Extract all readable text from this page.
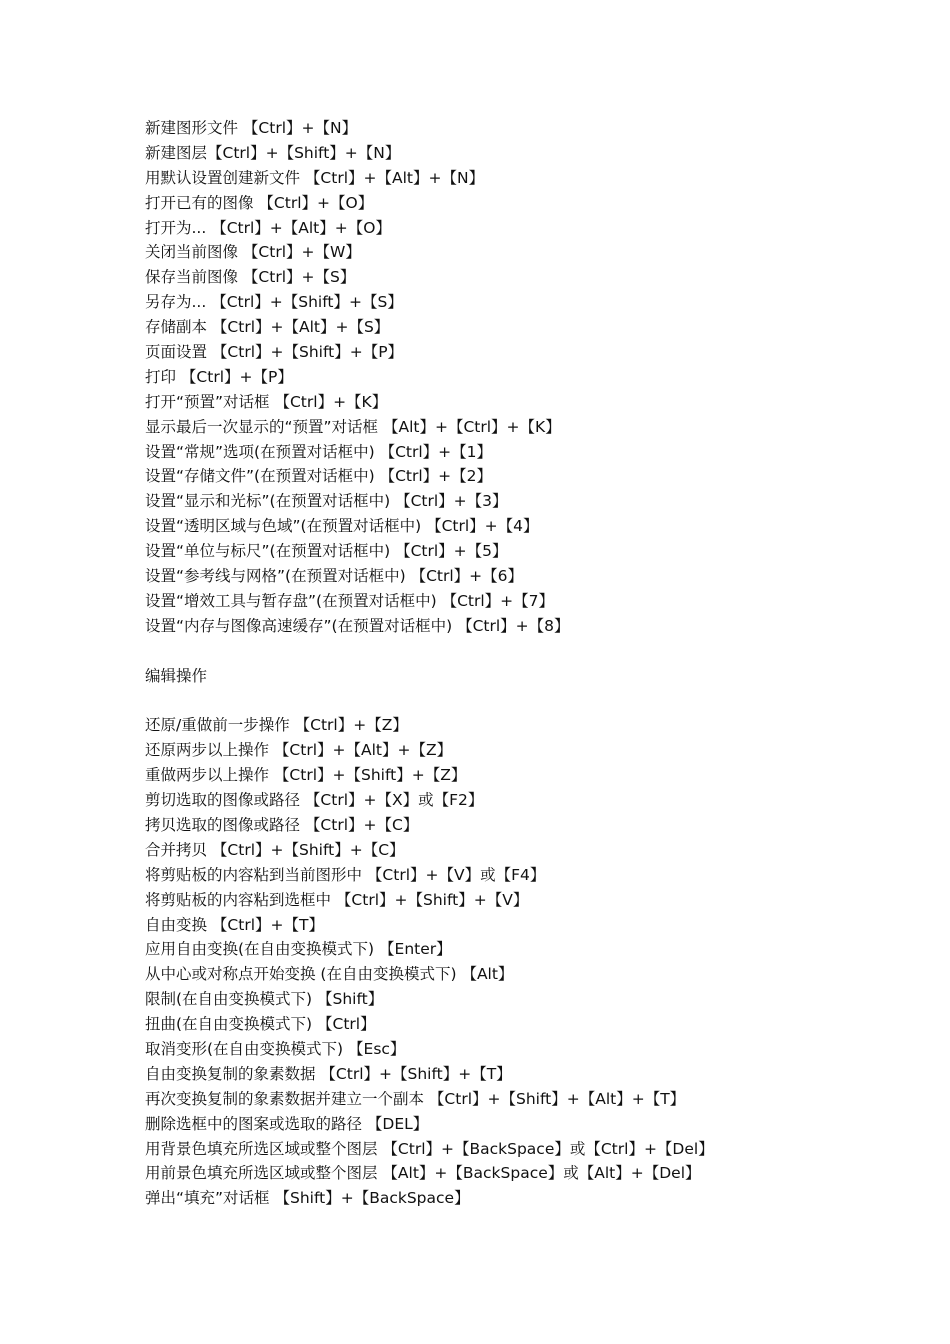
新建图形文件 【Ctrl】+【N】
新建图层【Ctrl】+【Shift】+【N】
用默认设置创建新文件 【Ctrl】+【Alt】+【N】
打开已有的图像 【Ctrl】+【O】
打开为... 【Ctrl】+【Alt】+【O】
关闭当前图像 【Ctrl】+【W】
保存当前图像 【Ctrl】+【S】
另存为... 【Ctrl】+【Shift】+【S】
存储副本 【Ctrl】+【Alt】+【S】
页面设置 【Ctrl】+【Shift】+【P】
打印 【Ctrl】+【P】
打开“预置”对话框 【Ctrl】+【K】
显示最后一次显示的“预置”对话框 【Alt】+【Ctrl】+【K】
设置“常规”选项(在预置对话框中) 【Ctrl】+【1】
设置“存储文件”(在预置对话框中) 【Ctrl】+【2】
设置“显示和光标”(在预置对话框中) 【Ctrl】+【3】
设置“透明区域与色域”(在预置对话框中) 【Ctrl】+【4】
设置“单位与标尺”(在预置对话框中) 【Ctrl】+【5】
设置“参考线与网格”(在预置对话框中) 【Ctrl】+【6】
设置“增效工具与暂存盘”(在预置对话框中) 【Ctrl】+【7】
设置“内存与图像高速缓存”(在预置对话框中) 【Ctrl】+【8】
编辑操作
还原/重做前一步操作 【Ctrl】+【Z】
还原两步以上操作 【Ctrl】+【Alt】+【Z】
重做两步以上操作 【Ctrl】+【Shift】+【Z】
剪切选取的图像或路径 【Ctrl】+【X】或【F2】
拷贝选取的图像或路径 【Ctrl】+【C】
合并拷贝 【Ctrl】+【Shift】+【C】
将剪贴板的内容粘到当前图形中 【Ctrl】+【V】或【F4】
将剪贴板的内容粘到选框中 【Ctrl】+【Shift】+【V】
自由变换 【Ctrl】+【T】
应用自由变换(在自由变换模式下) 【Enter】
从中心或对称点开始变换 (在自由变换模式下) 【Alt】
限制(在自由变换模式下) 【Shift】
扭曲(在自由变换模式下) 【Ctrl】
取消变形(在自由变换模式下) 【Esc】
自由变换复制的象素数据 【Ctrl】+【Shift】+【T】
再次变换复制的象素数据并建立一个副本 【Ctrl】+【Shift】+【Alt】+【T】
删除选框中的图案或选取的路径 【DEL】
用背景色填充所选区域或整个图层 【Ctrl】+【BackSpace】或【Ctrl】+【Del】
用前景色填充所选区域或整个图层 【Alt】+【BackSpace】或【Alt】+【Del】
弹出“填充”对话框 【Shift】+【BackSpace】
